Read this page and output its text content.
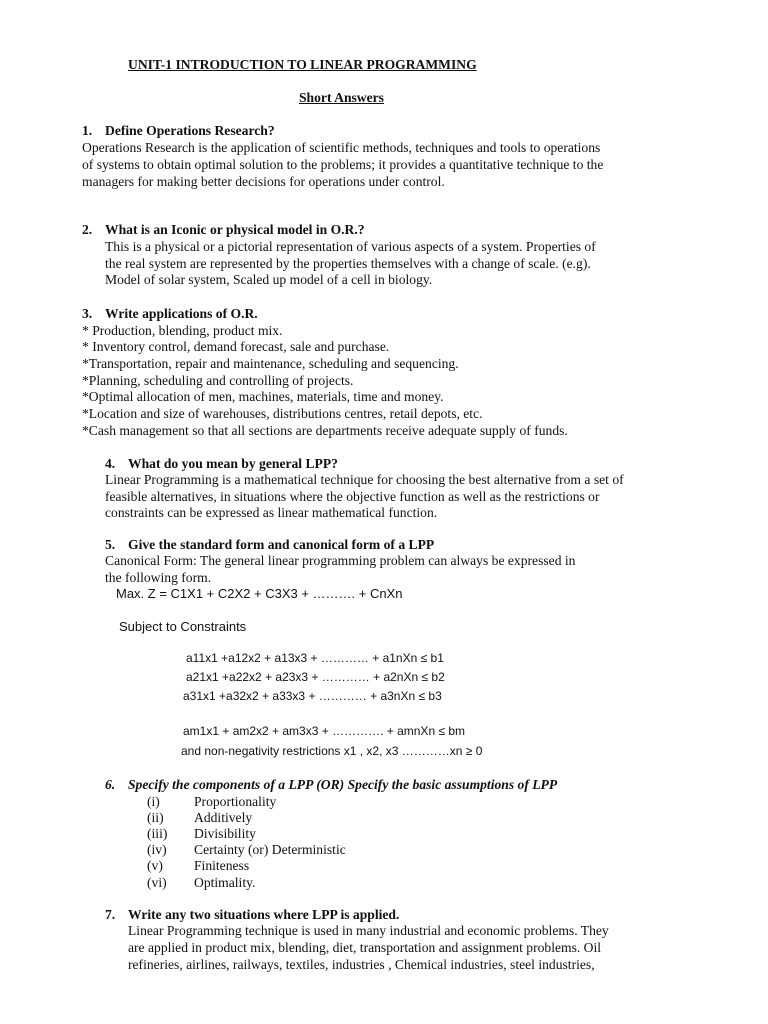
UNIT-1 INTRODUCTION TO LINEAR PROGRAMMING
Short Answers
1. Define Operations Research?
Operations Research is the application of scientific methods, techniques and tools to operations
of systems to obtain optimal solution to the problems; it provides a quantitative technique to the
managers for making better decisions for operations under control.
2. What is an Iconic or physical model in O.R.?
This is a physical or a pictorial representation of various aspects of a system. Properties of
the real system are represented by the properties themselves with a change of scale. (e.g).
Model of solar system, Scaled up model of a cell in biology.
3. Write applications of O.R.
* Production, blending, product mix.
* Inventory control, demand forecast, sale and purchase.
*Transportation, repair and maintenance, scheduling and sequencing.
*Planning, scheduling and controlling of projects.
*Optimal allocation of men, machines, materials, time and money.
*Location and size of warehouses, distributions centres, retail depots, etc.
*Cash management so that all sections are departments receive adequate supply of funds.
4. What do you mean by general LPP?
Linear Programming is a mathematical technique for choosing the best alternative from a set of
feasible alternatives, in situations where the objective function as well as the restrictions or
constraints can be expressed as linear mathematical function.
5. Give the standard form and canonical form of a LPP
Canonical Form: The general linear programming problem can always be expressed in
the following form.
Max. Z = C1X1 + C2X2 + C3X3 + ………. + CnXn
Subject to Constraints
a11x1 +a12x2 + a13x3 + ………… + a1nXn ≤ b1
a21x1 +a22x2 + a23x3 + ………… + a2nXn ≤ b2
a31x1 +a32x2 + a33x3 + ………… + a3nXn ≤ b3
am1x1 + am2x2 + am3x3 + …………. + amnXn ≤ bm
and non-negativity restrictions x1 , x2, x3 …………xn ≥ 0
6. Specify the components of a LPP (OR) Specify the basic assumptions of LPP
(i)	Proportionality
(ii) Additively
(iii) Divisibility
(iv) Certainty (or) Deterministic
(v) Finiteness
(vi) Optimality.
7. Write any two situations where LPP is applied.
Linear Programming technique is used in many industrial and economic problems. They
are applied in product mix, blending, diet, transportation and assignment problems. Oil
refineries, airlines, railways, textiles, industries , Chemical industries, steel industries,
